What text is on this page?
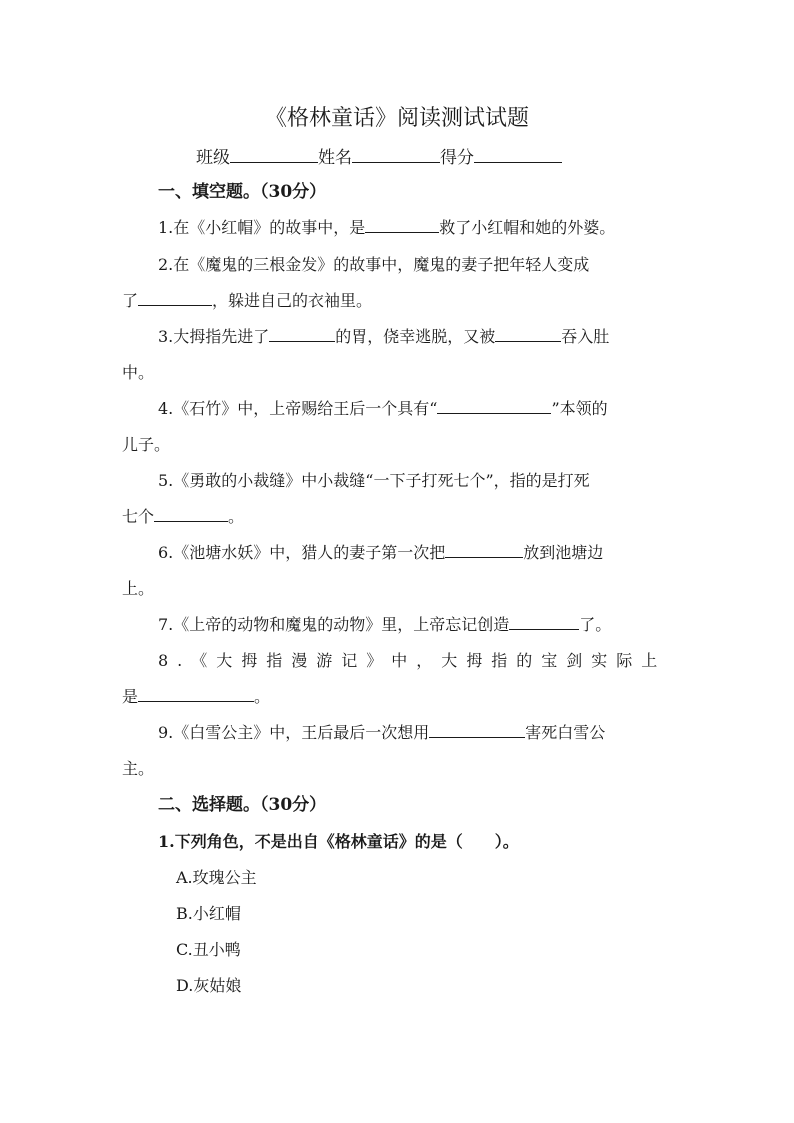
《格林童话》阅读测试试题
班级	姓名	得分
一、填空题。（30分）
1.在《小红帽》的故事中，是	救了小红帽和她的外婆。
2.在《魔鬼的三根金发》的故事中，魔鬼的妻子把年轻人变成
了	，躲进自己的衣袖里。
3.大拇指先进了	的胃，侥幸逃脱，又被	吞入肚
中。
4.《石竹》中，上帝赐给王后一个具有“	”本领的
儿子。
5.《勇敢的小裁缝》中小裁缝“一下子打死七个”，指的是打死
七个	。
6.《池塘水妖》中，猎人的妻子第一次把	放到池塘边
上。
7.《上帝的动物和魔鬼的动物》里，上帝忘记创造	了。
8.《大拇指漫游记》中，大拇指的宝剑实际上
是	。
9.《白雪公主》中，王后最后一次想用	害死白雪公
主。
二、选择题。（30分）
1.下列角色，不是出自《格林童话》的是（　　）。
A.玫瑰公主
B.小红帽
C.丑小鸭
D.灰姑娘
